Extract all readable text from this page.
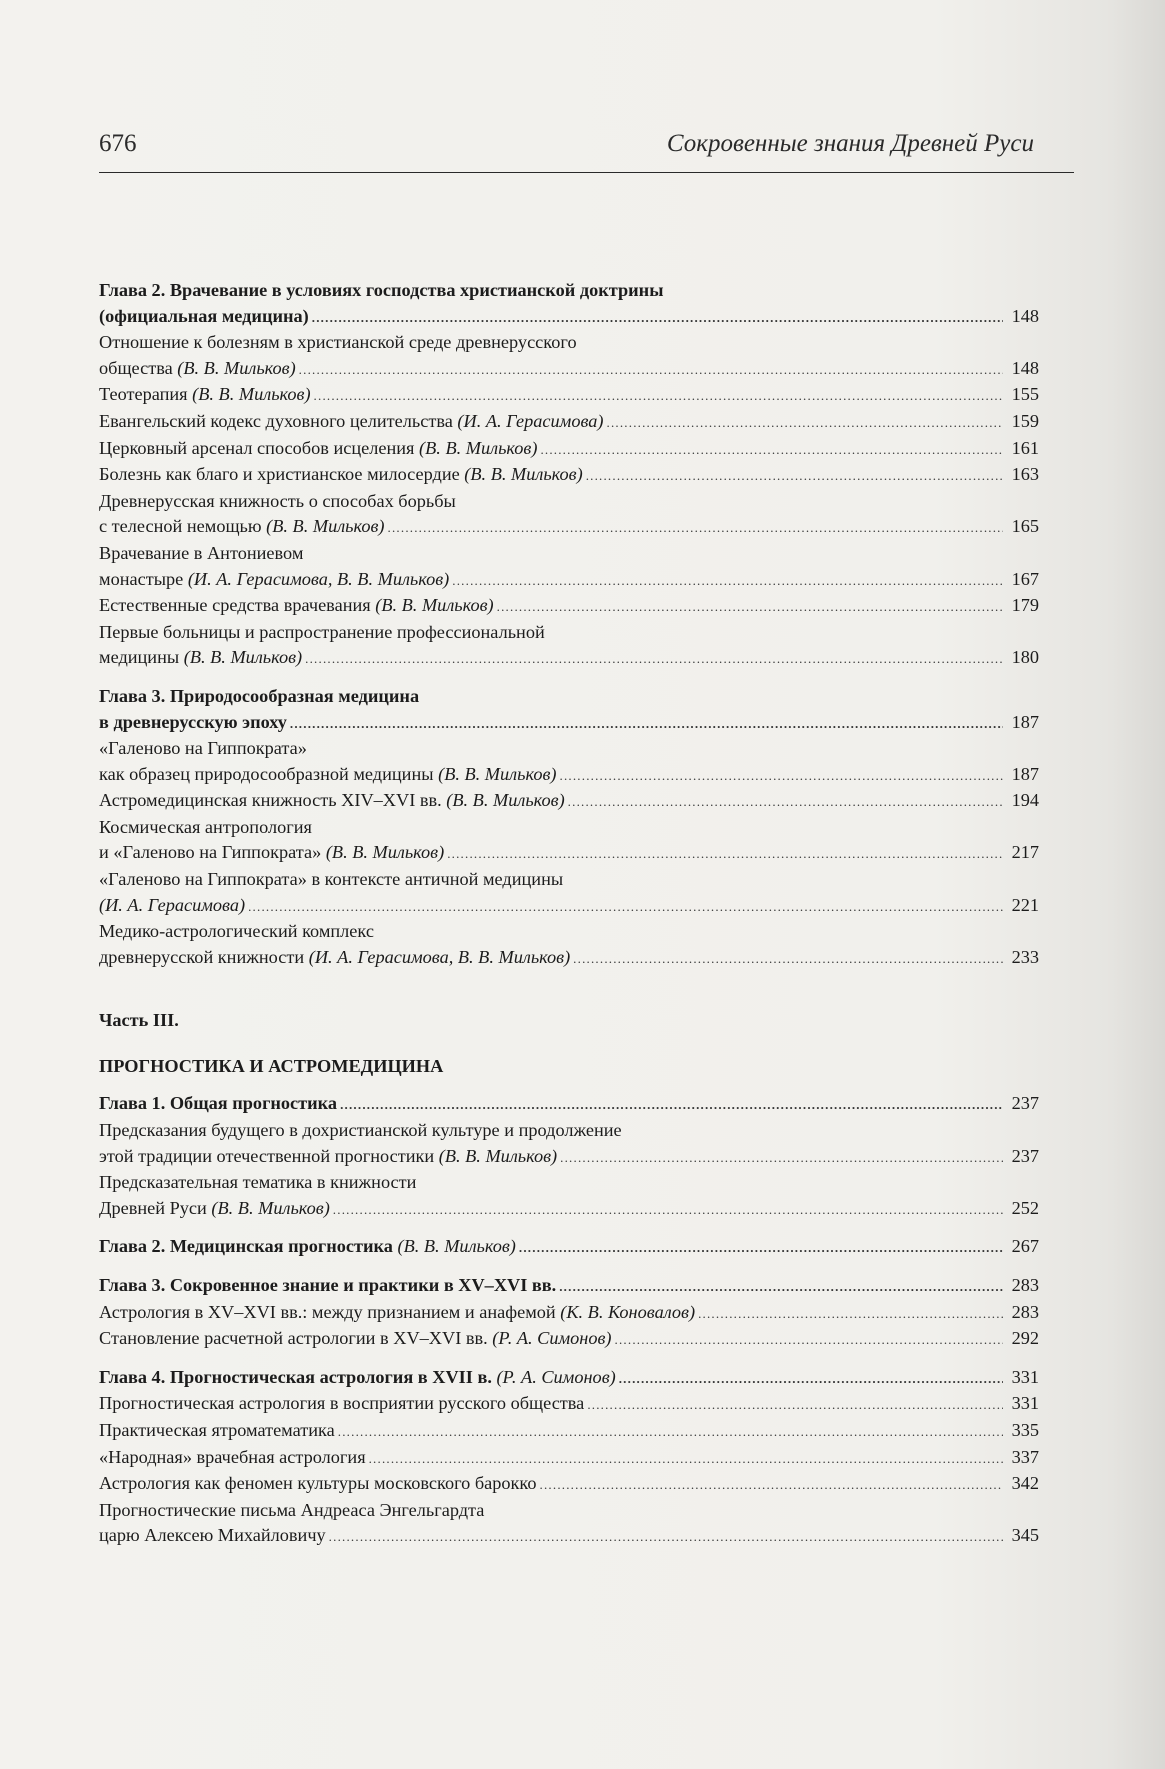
676	Сокровенные знания Древней Руси
Глава 2. Врачевание в условиях господства христианской доктрины
(официальная медицина) .....	148
Отношение к болезням в христианской среде древнерусского
общества (В. В. Мильков) .....	148
Теотерапия (В. В. Мильков) .....	155
Евангельский кодекс духовного целительства (И. А. Герасимова) .....	159
Церковный арсенал способов исцеления (В. В. Мильков) .....	161
Болезнь как благо и христианское милосердие (В. В. Мильков) .....	163
Древнерусская книжность о способах борьбы
с телесной немощью (В. В. Мильков) .....	165
Врачевание в Антониевом
монастыре (И. А. Герасимова, В. В. Мильков) .....	167
Естественные средства врачевания (В. В. Мильков) .....	179
Первые больницы и распространение профессиональной
медицины (В. В. Мильков) .....	180
Глава 3. Природосообразная медицина
в древнерусскую эпоху .....	187
«Галеново на Гиппократа»
как образец природосообразной медицины (В. В. Мильков) .....	187
Астромедицинская книжность XIV–XVI вв. (В. В. Мильков) .....	194
Космическая антропология
и «Галеново на Гиппократа» (В. В. Мильков) .....	217
«Галеново на Гиппократа» в контексте античной медицины
(И. А. Герасимова) .....	221
Медико-астрологический комплекс
древнерусской книжности (И. А. Герасимова, В. В. Мильков) .....	233
Часть III.
ПРОГНОСТИКА И АСТРОМЕДИЦИНА
Глава 1. Общая прогностика .....	237
Предсказания будущего в дохристианской культуре и продолжение
этой традиции отечественной прогностики (В. В. Мильков) .....	237
Предсказательная тематика в книжности
Древней Руси (В. В. Мильков) .....	252
Глава 2. Медицинская прогностика (В. В. Мильков) .....	267
Глава 3. Сокровенное знание и практики в XV–XVI вв. .....	283
Астрология в XV–XVI вв.: между признанием и анафемой (К. В. Коновалов) .....	283
Становление расчетной астрологии в XV–XVI вв. (Р. А. Симонов) .....	292
Глава 4. Прогностическая астрология в XVII в. (Р. А. Симонов) .....	331
Прогностическая астрология в восприятии русского общества .....	331
Практическая ятроматематика .....	335
«Народная» врачебная астрология .....	337
Астрология как феномен культуры московского барокко .....	342
Прогностические письма Андреаса Энгельгардта
царю Алексею Михайловичу .....	345
